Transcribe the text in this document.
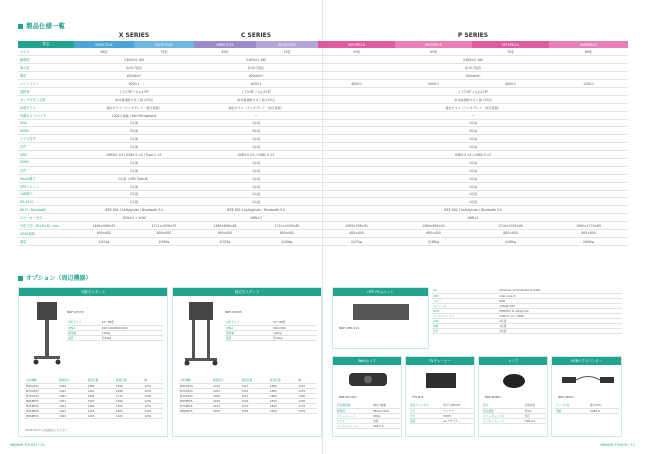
製品仕様一覧
	X SERIES		C SERIES		P SERIES			
型名	M65CE2X	M75CE2X	M65CE2S	M75CE2S	M55PE2S	M65PE2S	M75PE2S	M86PE2S
サイズ	65型	75型	65型	75型	55型	65型	75型	86型
解像度	3,840×2,160		3,840×2,160		3,840×2,160			
表示色	約10.7億色		約10.7億色		約10.7億色			
輝度	400cd/m²		400cd/m²		400cd/m²			
コントラスト	5000:1		4000:1		4000:1	5000:1	4000:1	1200:1
視野角	上下178° / 左右178°		上下178° / 左右178°		上下178° / 左右178°			
タッチ方式 / 点数	赤外線遮断方式 / 最大20点		赤外線遮断方式 / 最大20点		赤外線遮断方式 / 最大20点			
前面ガラス	強化ガラス（アンチグレア・防汚処理）		強化ガラス（アンチグレア・防汚処理）		強化ガラス（アンチグレア・防汚処理）			
内蔵カメラ/マイク	1200万画素 / 8ch Microphone		—		—			
VGA	1系統		1系統		1系統			
HDMI	3系統		3系統		3系統			
ビデオ音声	1系統		1系統		1系統			
音声	1系統		1系統		1系統			
USB	USB3.0 ×3 / USB2.0 ×2 / Type-C ×1		USB3.0 ×3 / USB2.0 ×2		USB3.0 ×3 / USB2.0 ×2			
HDMI	1系統		1系統		1系統			
音声	1系統		1系統		1系統			
Touch端子	1系統（USB Type-B）		1系統		1系統			
OPSスロット	1系統		1系統		1系統			
LAN端子	2系統		1系統		1系統			
RS-232C	1系統		1系統		1系統			
Wi-Fi / Bluetooth	IEEE 802.11a/b/g/n/ac / Bluetooth 5.0		IEEE 802.11a/b/g/n/ac / Bluetooth 5.0		IEEE 802.11a/b/g/n/ac / Bluetooth 5.0			
スピーカー出力	20W×2 + 20W		16W×2		16W×2			
外形寸法（W×H×D）mm	1489×906×97	1711×1029×97	1489×896×86	1710×1029×85	1263×758×91	1489×895×91	1710×1023×89	1960×1170×89
VESA規格	600×400	800×400	600×400	600×400	400×400	600×400	800×400	800×600
重量	約41kg	約55kg	約37kg	約49kg	約27kg	約38kg	約48kg	約64kg
オプション（周辺機器）
可動式スタンド
NRF-STC70
対応サイズ	55～86型
VESA	600×400/800×600
耐荷重	120kg
重量	約44kg
対応機種	画面高さ	最低位置	最高位置	幅
M65CE2X	1006	1469	1899	1231
M75CE2X	1041	1461	1898	1232
M75CE2X	1064	1363	1733	1259
M65PE2S	1001	1470	1966	1230
M75PE2S	1001	1469	1950	1231
M65PE2S	1004	1418	1962	1232
M86PE2S	1000	1403	1943	1230
※NRF-STC70 は別途配送となります。
固定式スタンド
NRF-STC83
対応サイズ	55～86型
VESA	800×600
耐荷重	120kg
重量	約32kg
対応機種	画面高さ	最低位置	最高位置	幅
M65CE2X	2216	1517	1880	1227
M75CE2X	2261	1567	1880	1233
M75CE2S	2260	1514	1880	1260
M65PE2S	2166	1530	1834	1236
M75PE2S	2154	1570	1849	1231
M86PE2S	2233	1563	1849	1231
OPS PCユニット
NRF-OPS-011
OS	Windows 10 Professional 64bit
CPU	Intel Core i5
メモリ	8GB
ストレージ	128GB SSD
Wi-Fi	IEEE802.11 a/b/g/n/ac
インターフェイス	USB3.0 ×4 / HDMI
LAN	1系統
映像	1系統
音声	1系統
Webカメラ
NRF-WC-007
有効画素数	800万画素
解像度	3840×2160
フレームレート	30fps
マイク	内蔵
インターフェース	USB 2.0
TVチューナー
TTV-NT1
受信チャンネル	地デジ/BS/CS
入力	アンテナ
出力	HDMI
電源	ACアダプター
マイク
NRF-MSP01
形式	全指向性
集音範囲	約3m
エコーキャンセル	対応
インターフェース	USB 2.0
USBエクステンダー
NRF-UEX01
ケーブル長	最大50m
規格	USB2.0
MINAMI TOUCH / 10	MINAMI TOUCH / 11
